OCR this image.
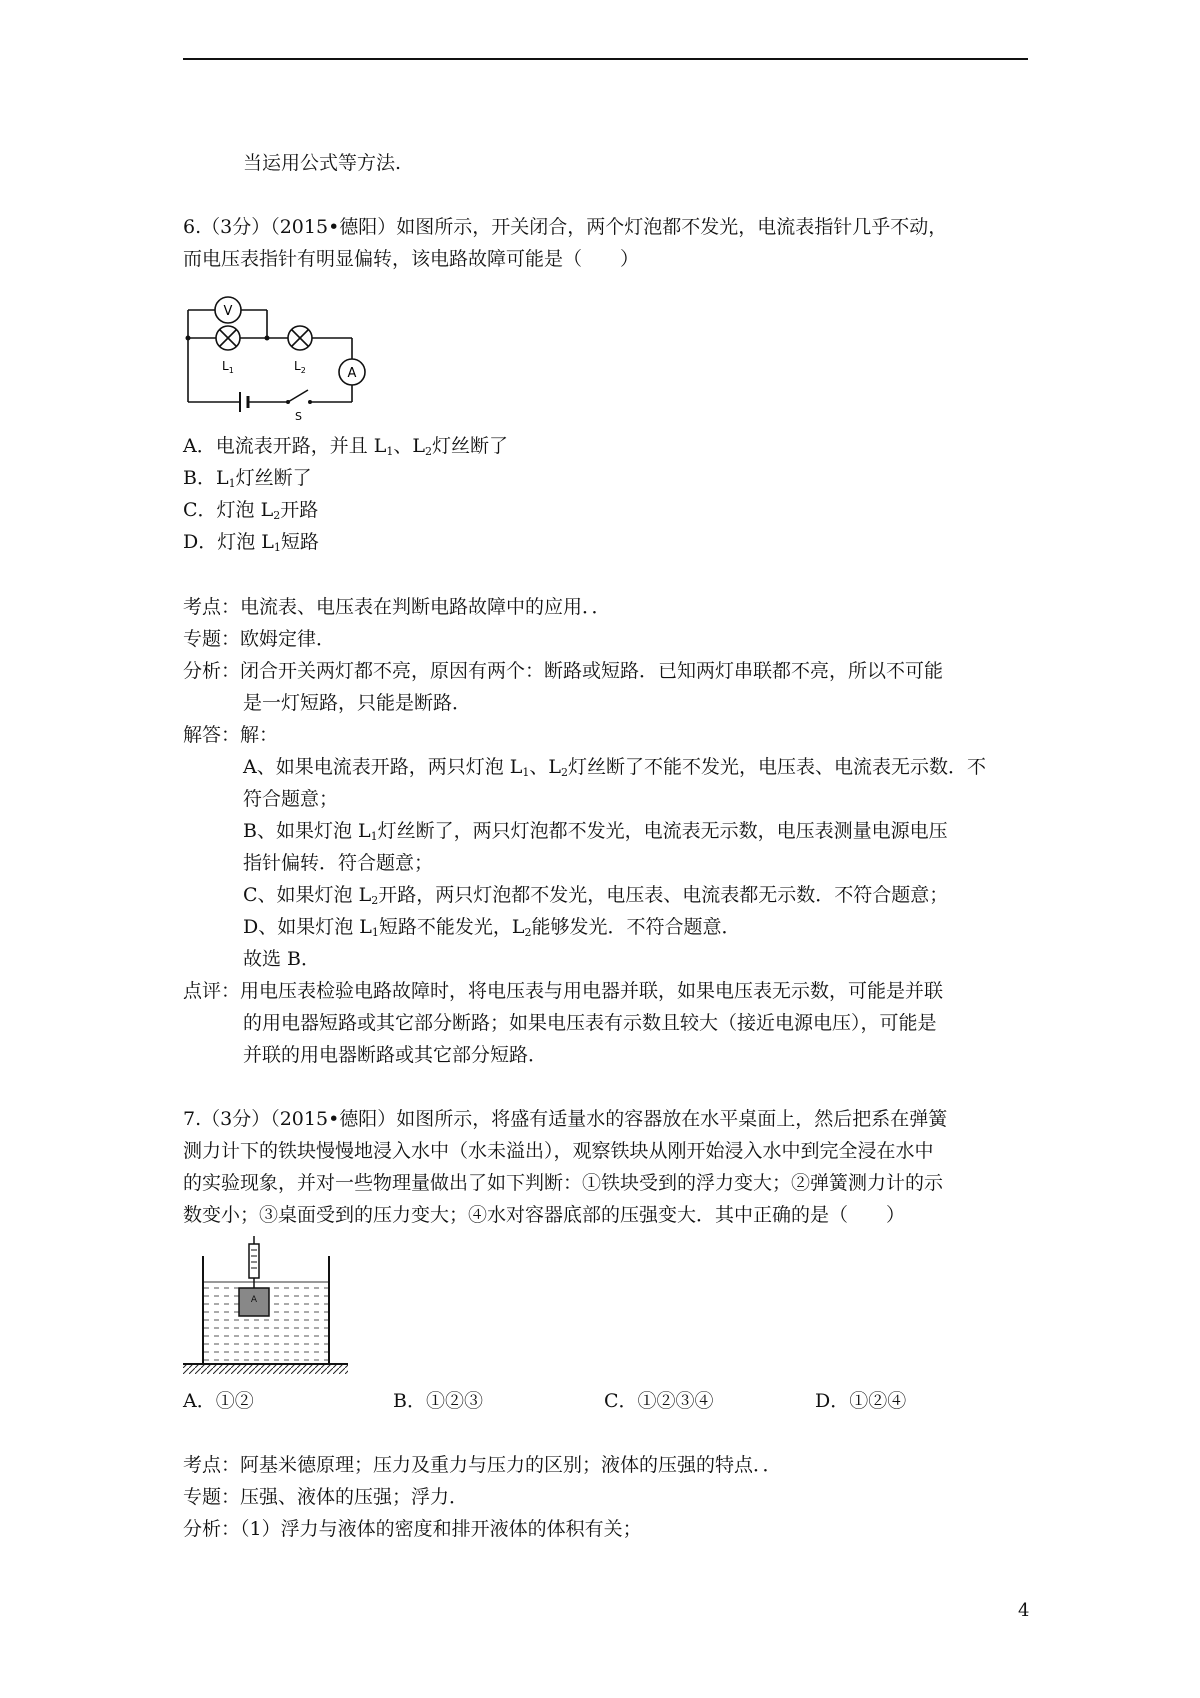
当运用公式等方法.
6.（3分）（2015•德阳）如图所示，开关闭合，两个灯泡都不发光，电流表指针几乎不动，
而电压表指针有明显偏转，该电路故障可能是（　　）
V
A
$L_1$	$L_2$
S
A．电流表开路，并且 $L_1$、$L_2$灯丝断了
B．$L_1$灯丝断了
C．灯泡 $L_2$开路
D．灯泡 $L_1$短路
考点：电流表、电压表在判断电路故障中的应用．．
专题：欧姆定律．
分析：闭合开关两灯都不亮，原因有两个：断路或短路．已知两灯串联都不亮，所以不可能
是一灯短路，只能是断路．
解答：解：
A、如果电流表开路，两只灯泡 $L_1$、$L_2$灯丝断了不能不发光，电压表、电流表无示数．不
符合题意；
B、如果灯泡 $L_1$灯丝断了，两只灯泡都不发光，电流表无示数，电压表测量电源电压
指针偏转．符合题意；
C、如果灯泡 $L_2$开路，两只灯泡都不发光，电压表、电流表都无示数．不符合题意；
D、如果灯泡 $L_1$短路不能发光，$L_2$能够发光．不符合题意．
故选 B．
点评：用电压表检验电路故障时，将电压表与用电器并联，如果电压表无示数，可能是并联
的用电器短路或其它部分断路；如果电压表有示数且较大（接近电源电压），可能是
并联的用电器断路或其它部分短路．
7.（3分）（2015•德阳）如图所示，将盛有适量水的容器放在水平桌面上，然后把系在弹簧
测力计下的铁块慢慢地浸入水中（水未溢出），观察铁块从刚开始浸入水中到完全浸在水中
的实验现象，并对一些物理量做出了如下判断：①铁块受到的浮力变大；②弹簧测力计的示
数变小；③桌面受到的压力变大；④水对容器底部的压强变大．其中正确的是（　　）
A
A．①②	B．①②③	C．①②③④	D．①②④
考点：阿基米德原理；压力及重力与压力的区别；液体的压强的特点．．
专题：压强、液体的压强；浮力．
分析：（1）浮力与液体的密度和排开液体的体积有关；
4
